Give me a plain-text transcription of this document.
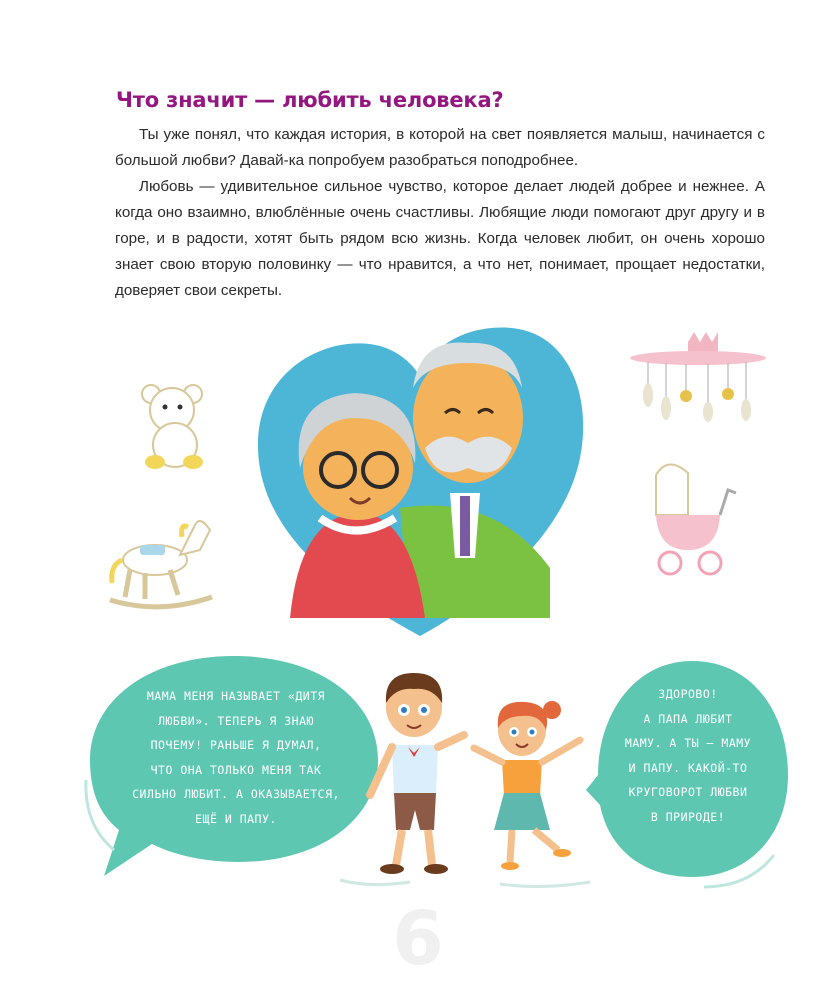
Что значит — любить человека?

Ты уже понял, что каждая история, в которой на свет появляется малыш, начинается с большой любви? Давай-ка попробуем разобраться поподробнее.

Любовь — удивительное сильное чувство, которое делает людей добрее и нежнее. А когда оно взаимно, влюблённые очень счастливы. Любящие люди помогают друг другу и в горе, и в радости, хотят быть рядом всю жизнь. Когда человек любит, он очень хорошо знает свою вторую половинку — что нравится, а что нет, понимает, прощает недостатки, доверяет свои секреты.

МАМА МЕНЯ НАЗЫВАЕТ «ДИТЯ
ЛЮБВИ». ТЕПЕРЬ Я ЗНАЮ
ПОЧЕМУ! РАНЬШЕ Я ДУМАЛ,
ЧТО ОНА ТОЛЬКО МЕНЯ ТАК
СИЛЬНО ЛЮБИТ. А ОКАЗЫВАЕТСЯ,
ЕЩЁ И ПАПУ.

ЗДОРОВО!
А ПАПА ЛЮБИТ
МАМУ. А ТЫ — МАМУ
И ПАПУ. КАКОЙ-ТО
КРУГОВОРОТ ЛЮБВИ
В ПРИРОДЕ!

6
